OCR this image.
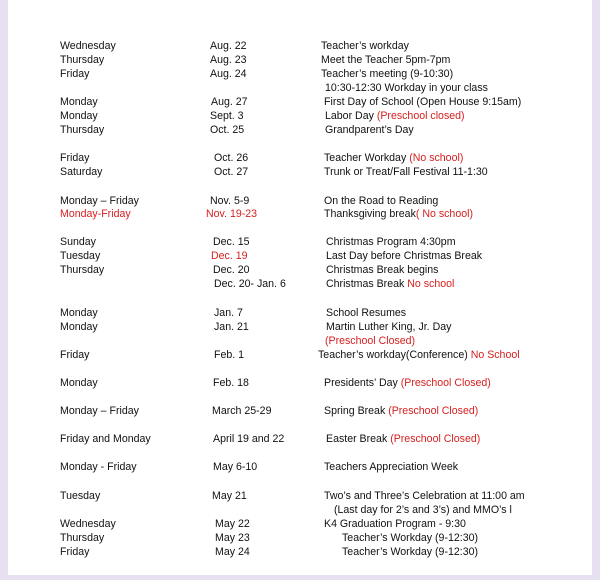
Wednesday	Aug. 22	Teacher’s workday
Thursday	Aug. 23	Meet the Teacher 5pm-7pm
Friday	Aug. 24	Teacher’s meeting (9-10:30)
10:30-12:30 Workday in your class
Monday	Aug. 27	First Day of School (Open House 9:15am)
Monday	Sept. 3	Labor Day (Preschool closed)
Thursday	Oct. 25	Grandparent’s Day
Friday	Oct. 26	Teacher Workday (No school)
Saturday	Oct. 27	Trunk or Treat/Fall Festival 11-1:30
Monday – Friday	Nov. 5-9	On the Road to Reading
Monday-Friday	Nov. 19-23	Thanksgiving break( No school)
Sunday	Dec. 15	Christmas Program 4:30pm
Tuesday	Dec. 19	Last Day before Christmas Break
Thursday	Dec. 20	Christmas Break begins
Dec. 20- Jan. 6	Christmas Break No school
Monday	Jan. 7	School Resumes
Monday	Jan. 21	Martin Luther King, Jr. Day
(Preschool Closed)
Friday	Feb. 1	Teacher’s workday(Conference) No School
Monday	Feb. 18	Presidents’ Day (Preschool Closed)
Monday – Friday	March 25-29	Spring Break (Preschool Closed)
Friday and Monday	April 19 and 22	Easter Break (Preschool Closed)
Monday - Friday	May 6-10	Teachers Appreciation Week
Tuesday	May 21	Two’s and Three’s Celebration at 11:00 am
(Last day for 2’s and 3’s) and MMO’s l
Wednesday	May 22	K4 Graduation Program - 9:30
Thursday	May 23	Teacher’s Workday (9-12:30)
Friday	May 24	Teacher’s Workday (9-12:30)
